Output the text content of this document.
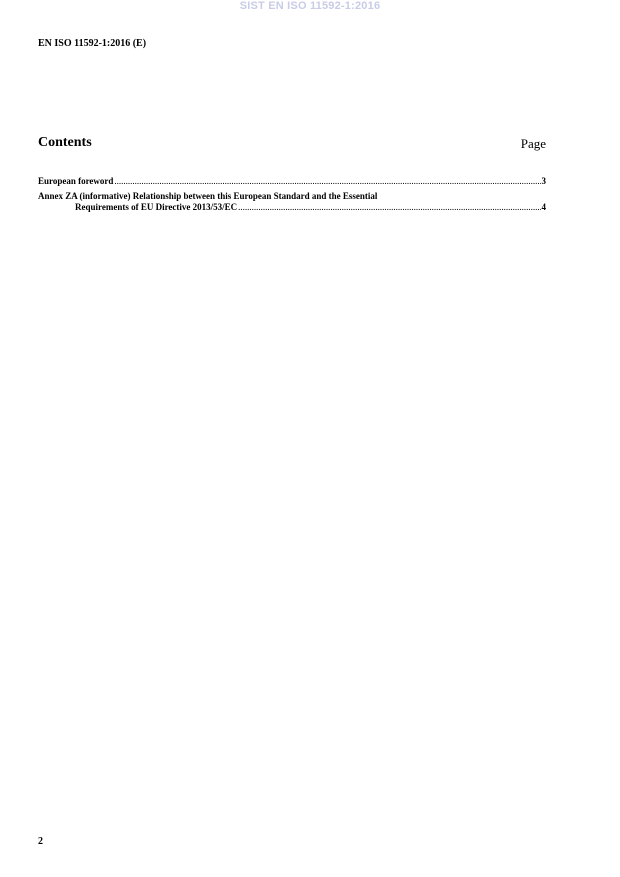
SIST EN ISO 11592-1:2016
EN ISO 11592-1:2016 (E)
Contents	Page
European foreword .....	3
Annex ZA (informative) Relationship between this European Standard and the Essential
Requirements of EU Directive 2013/53/EC .....	4
2
